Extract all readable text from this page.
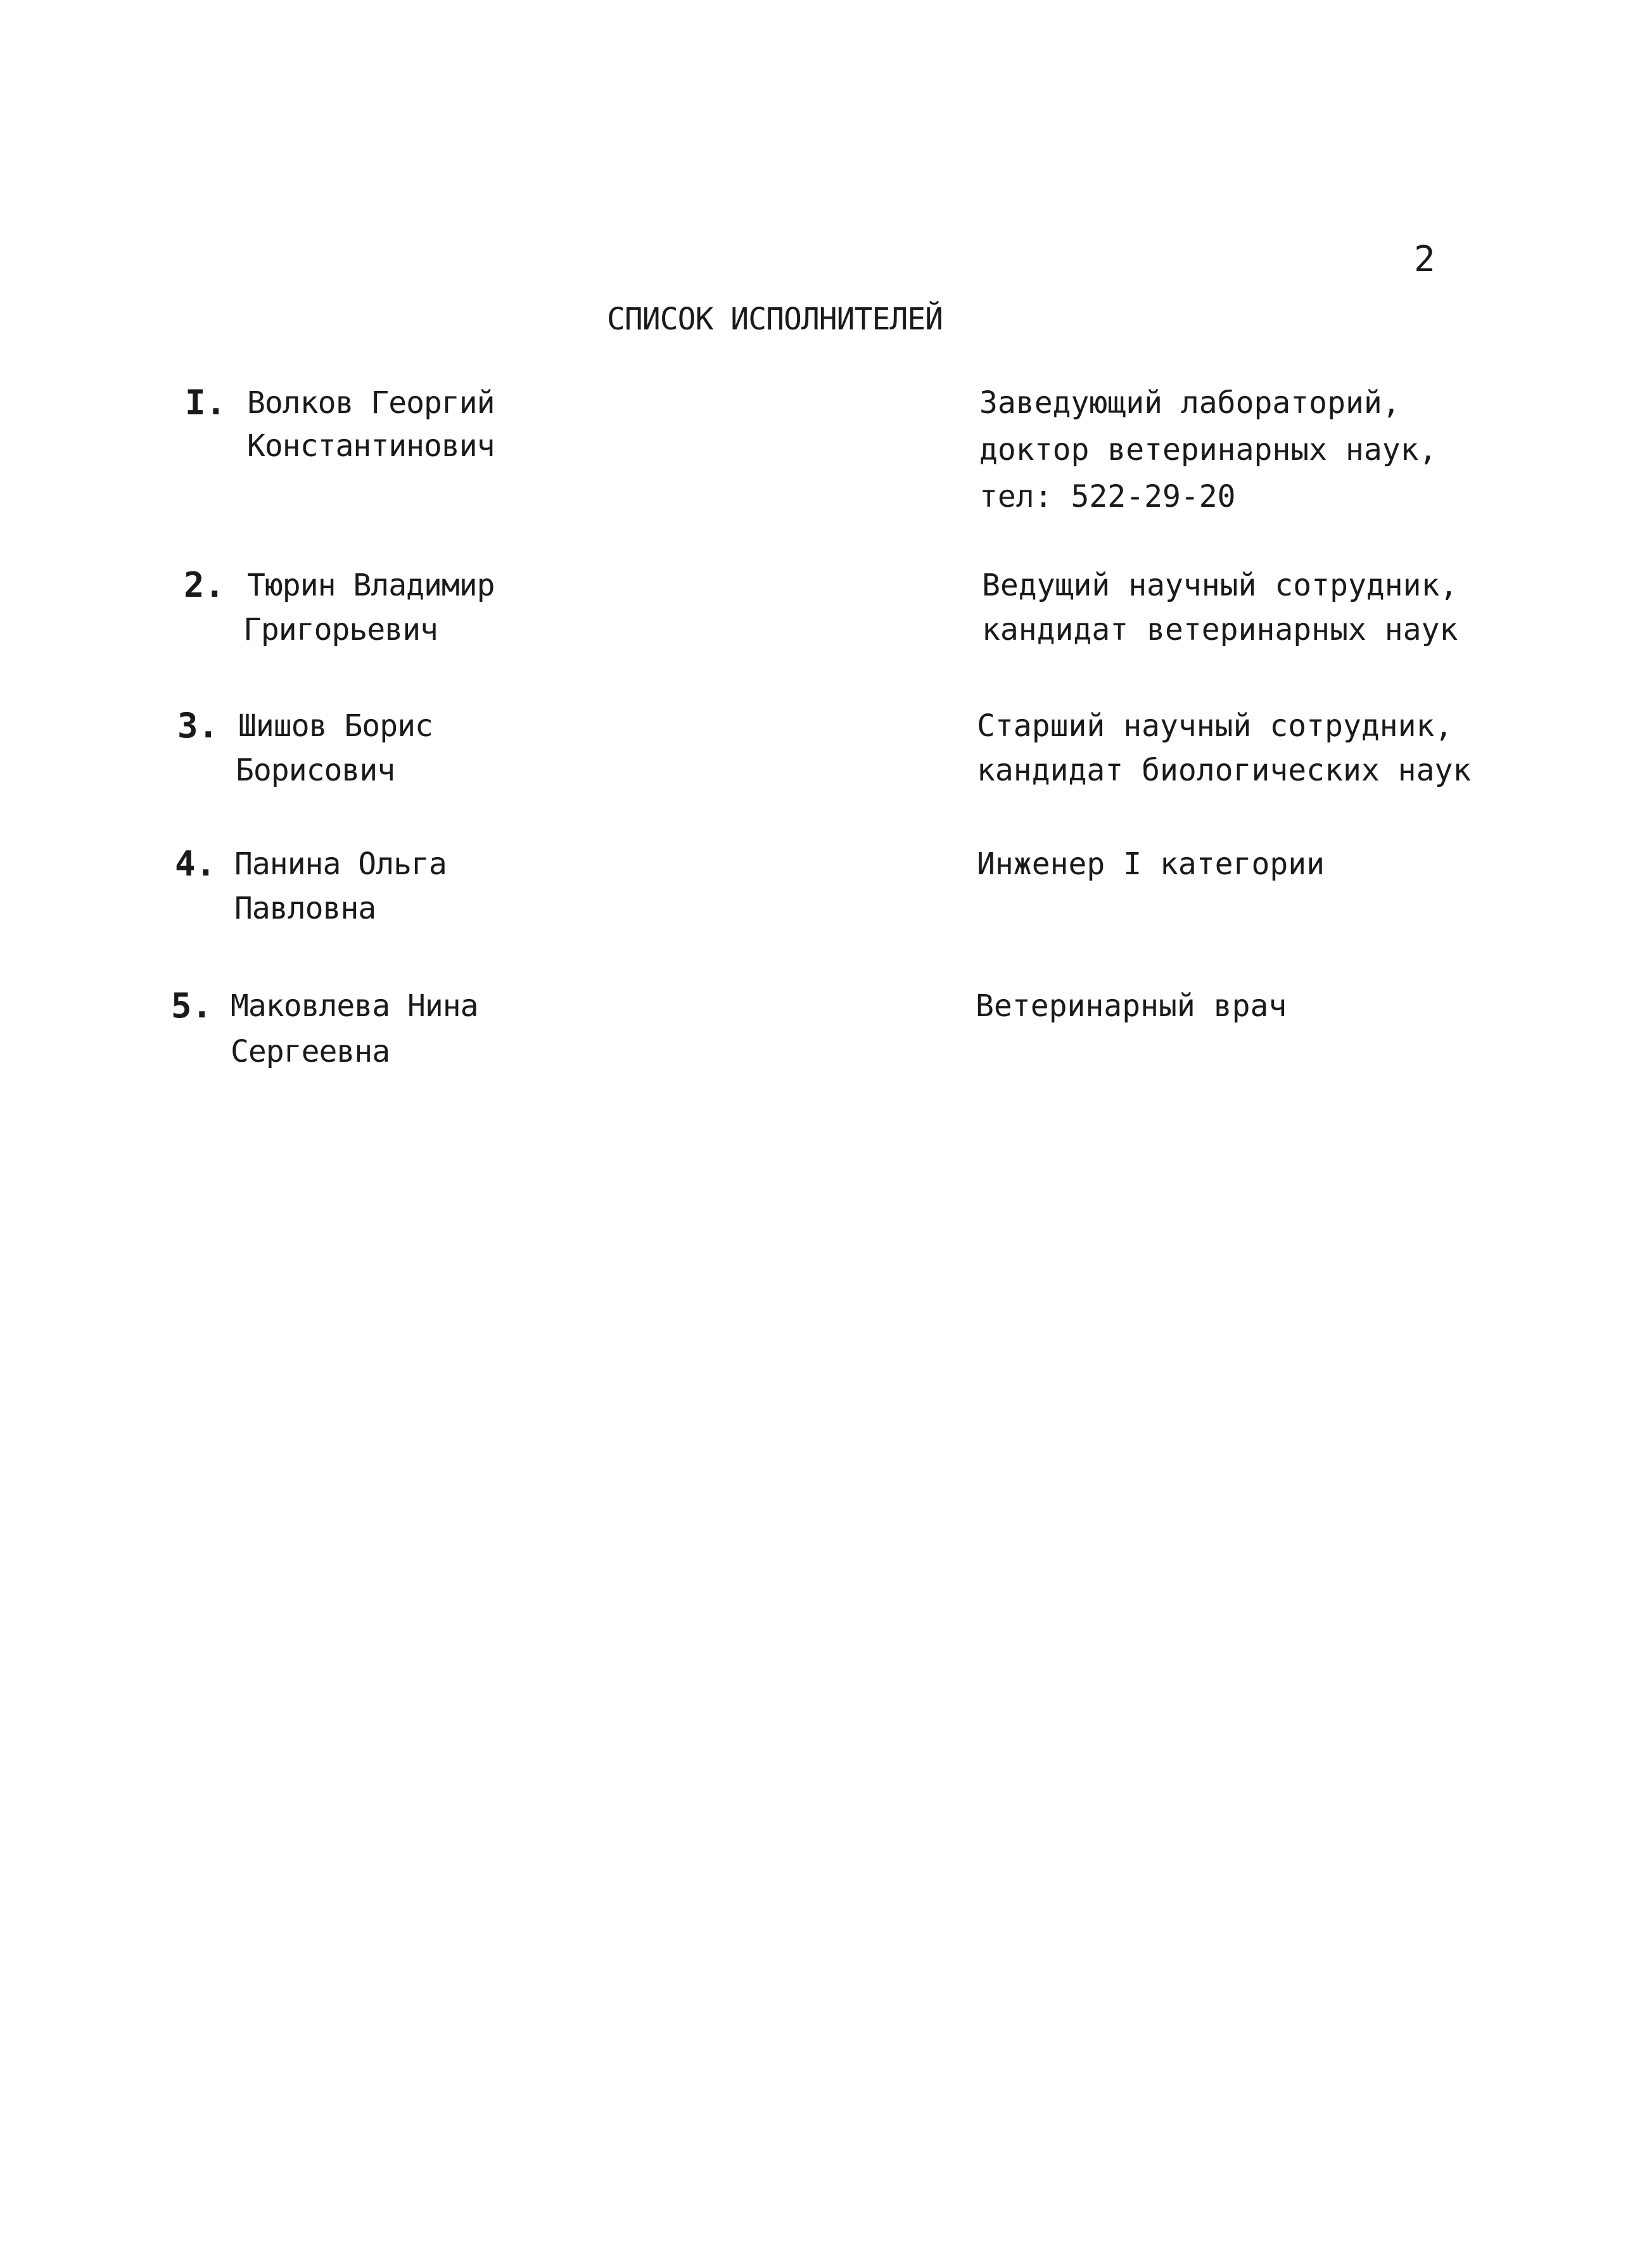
2
СПИСОК ИСПОЛНИТЕЛЕЙ
I. Волков Георгий
Константинович
Заведующий лабораторий,
доктор ветеринарных наук,
тел: 522-29-20
2. Тюрин Владимир
Григорьевич
Ведущий научный сотрудник,
кандидат ветеринарных наук
3. Шишов Борис
Борисович
Старший научный сотрудник,
кандидат биологических наук
4. Панина Ольга
Павловна
Инженер I категории
5. Маковлева Нина
Сергеевна
Ветеринарный врач
